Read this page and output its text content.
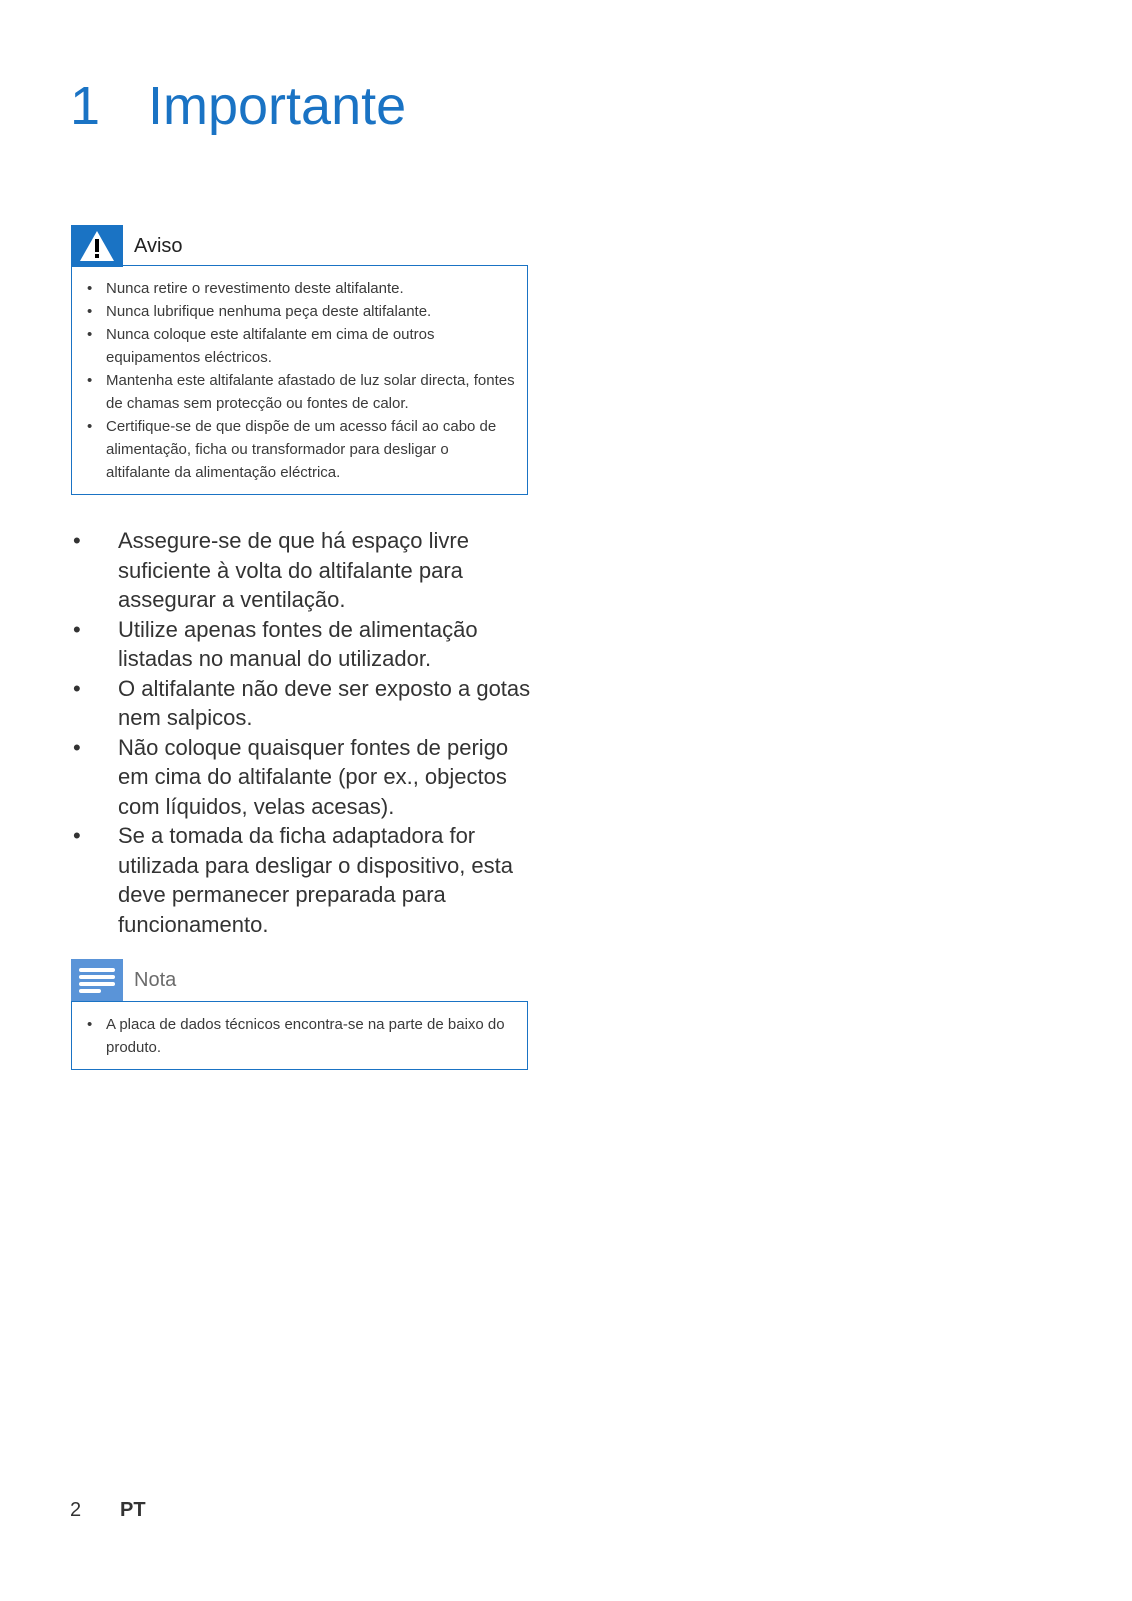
1 Importante
Aviso
• Nunca retire o revestimento deste altifalante.
• Nunca lubrifique nenhuma peça deste altifalante.
• Nunca coloque este altifalante em cima de outros equipamentos eléctricos.
• Mantenha este altifalante afastado de luz solar directa, fontes de chamas sem protecção ou fontes de calor.
• Certifique-se de que dispõe de um acesso fácil ao cabo de alimentação, ficha ou transformador para desligar o altifalante da alimentação eléctrica.
• Assegure-se de que há espaço livre suficiente à volta do altifalante para assegurar a ventilação.
• Utilize apenas fontes de alimentação listadas no manual do utilizador.
• O altifalante não deve ser exposto a gotas nem salpicos.
• Não coloque quaisquer fontes de perigo em cima do altifalante (por ex., objectos com líquidos, velas acesas).
• Se a tomada da ficha adaptadora for utilizada para desligar o dispositivo, esta deve permanecer preparada para funcionamento.
Nota
• A placa de dados técnicos encontra-se na parte de baixo do produto.
2 PT
